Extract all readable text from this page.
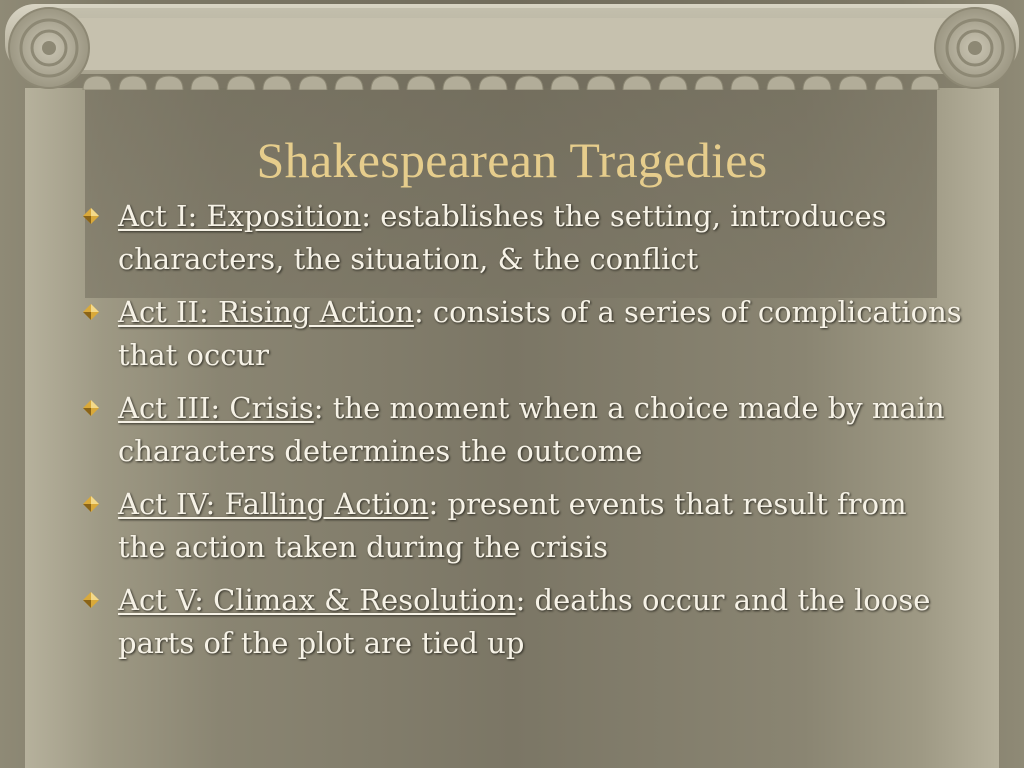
Shakespearean Tragedies
Act I: Exposition: establishes the setting, introduces characters, the situation, & the conflict
Act II: Rising Action: consists of a series of complications that occur
Act III: Crisis: the moment when a choice made by main characters determines the outcome
Act IV: Falling Action: present events that result from the action taken during the crisis
Act V: Climax & Resolution: deaths occur and the loose parts of the plot are tied up
